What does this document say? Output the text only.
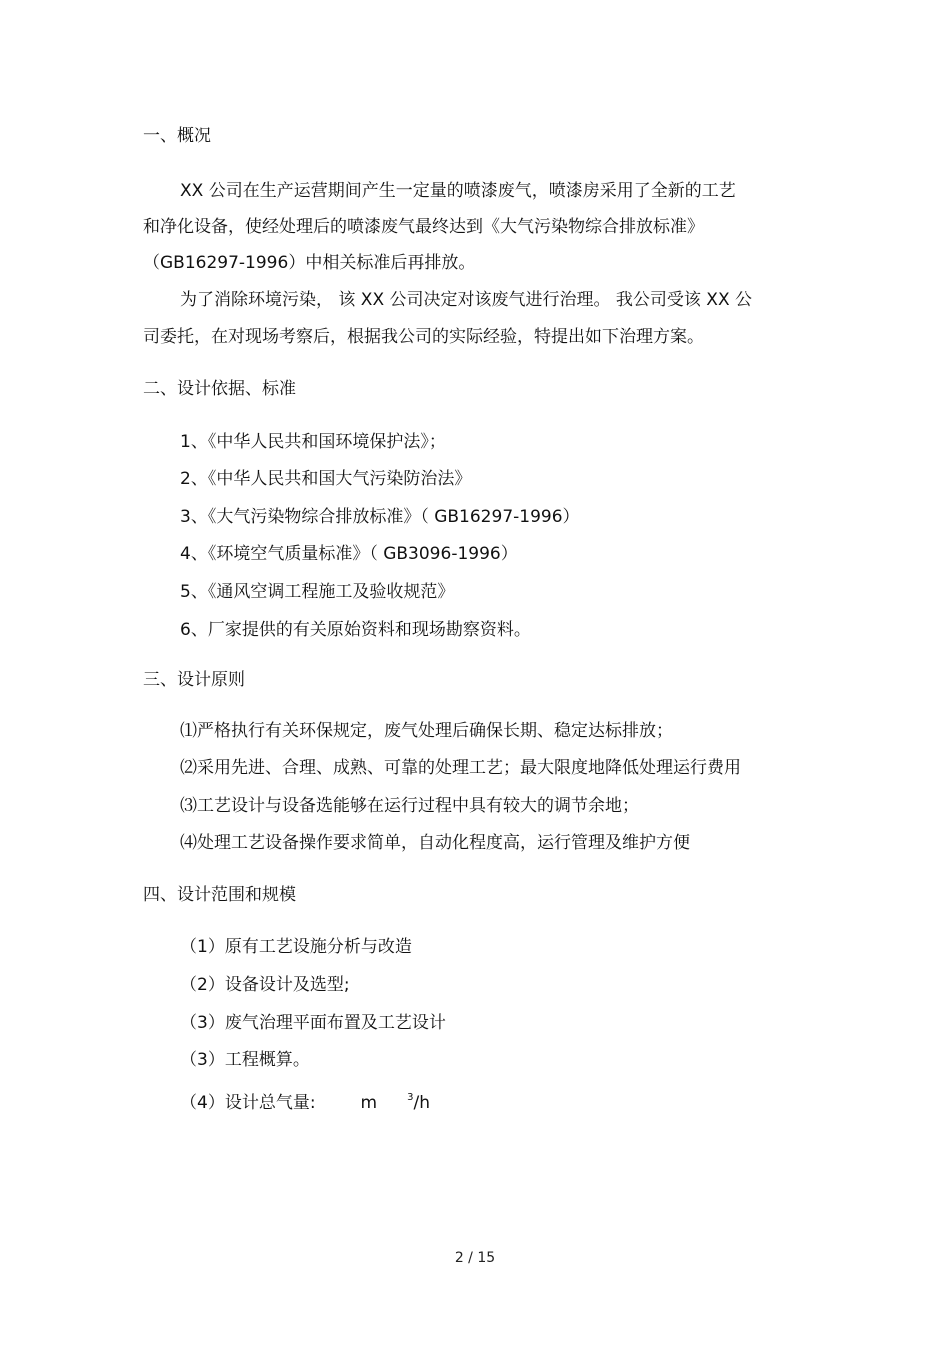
一、概况
XX 公司在生产运营期间产生一定量的喷漆废气，喷漆房采用了全新的工艺
和净化设备，使经处理后的喷漆废气最终达到《大气污染物综合排放标准》
（GB16297-1996）中相关标准后再排放。
为了消除环境污染， 该 XX 公司决定对该废气进行治理。 我公司受该 XX 公
司委托，在对现场考察后，根据我公司的实际经验，特提出如下治理方案。
二、设计依据、标准
1、《中华人民共和国环境保护法》；
2、《中华人民共和国大气污染防治法》
3、《大气污染物综合排放标准》（ GB16297-1996）
4、《环境空气质量标准》（ GB3096-1996）
5、《通风空调工程施工及验收规范》
6、厂家提供的有关原始资料和现场勘察资料。
三、设计原则
⑴严格执行有关环保规定，废气处理后确保长期、稳定达标排放；
⑵采用先进、合理、成熟、可靠的处理工艺；最大限度地降低处理运行费用
⑶工艺设计与设备选能够在运行过程中具有较大的调节余地；
⑷处理工艺设备操作要求简单，自动化程度高，运行管理及维护方便
四、设计范围和规模
（1）原有工艺设施分析与改造
（2）设备设计及选型;
（3）废气治理平面布置及工艺设计
（3）工程概算。
（4）设计总气量:	m	$^3$/h
2 / 15
